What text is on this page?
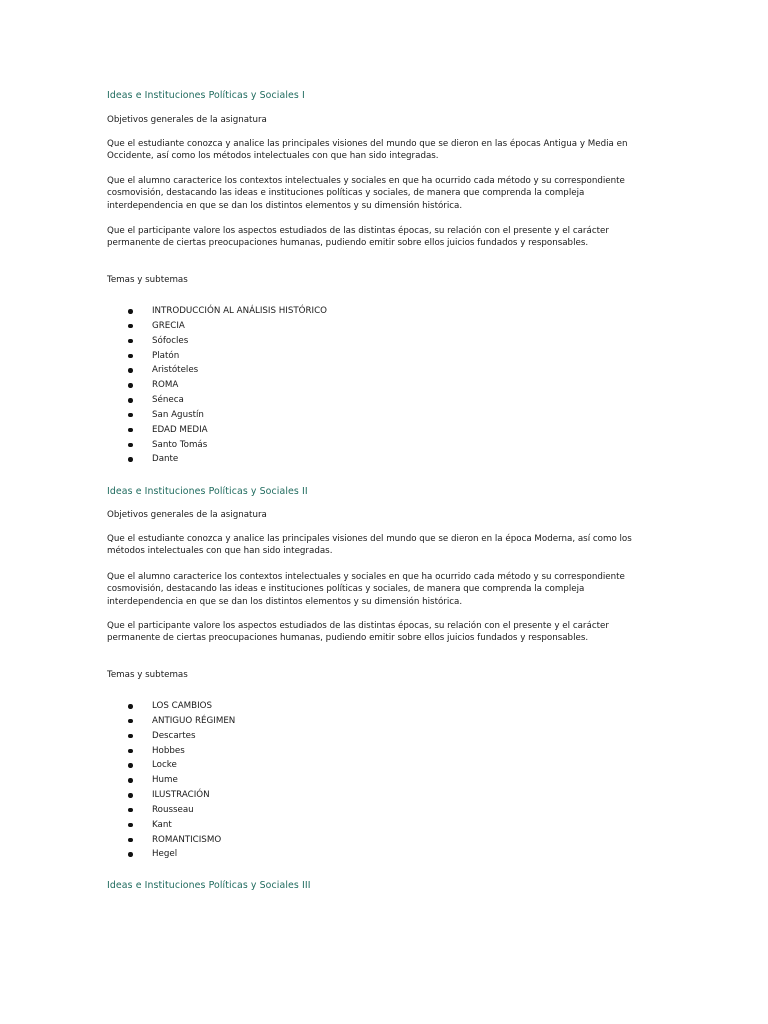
Ideas e Instituciones Políticas y Sociales I
Objetivos generales de la asignatura
Que el estudiante conozca y analice las principales visiones del mundo que se dieron en las épocas Antigua y Media en Occidente, así como los métodos intelectuales con que han sido integradas.
Que el alumno caracterice los contextos intelectuales y sociales en que ha ocurrido cada método y su correspondiente cosmovisión, destacando las ideas e instituciones políticas y sociales, de manera que comprenda la compleja interdependencia en que se dan los distintos elementos y su dimensión histórica.
Que el participante valore los aspectos estudiados de las distintas épocas, su relación con el presente y el carácter permanente de ciertas preocupaciones humanas, pudiendo emitir sobre ellos juicios fundados y responsables.
Temas y subtemas
INTRODUCCIÓN AL ANÁLISIS HISTÓRICO
GRECIA
Sófocles
Platón
Aristóteles
ROMA
Séneca
San Agustín
EDAD MEDIA
Santo Tomás
Dante
Ideas e Instituciones Políticas y Sociales II
Objetivos generales de la asignatura
Que el estudiante conozca y analice las principales visiones del mundo que se dieron en la época Moderna, así como los métodos intelectuales con que han sido integradas.
Que el alumno caracterice los contextos intelectuales y sociales en que ha ocurrido cada método y su correspondiente cosmovisión, destacando las ideas e instituciones políticas y sociales, de manera que comprenda la compleja interdependencia en que se dan los distintos elementos y su dimensión histórica.
Que el participante valore los aspectos estudiados de las distintas épocas, su relación con el presente y el carácter permanente de ciertas preocupaciones humanas, pudiendo emitir sobre ellos juicios fundados y responsables.
Temas y subtemas
LOS CAMBIOS
ANTIGUO RÉGIMEN
Descartes
Hobbes
Locke
Hume
ILUSTRACIÓN
Rousseau
Kant
ROMANTICISMO
Hegel
Ideas e Instituciones Políticas y Sociales III
